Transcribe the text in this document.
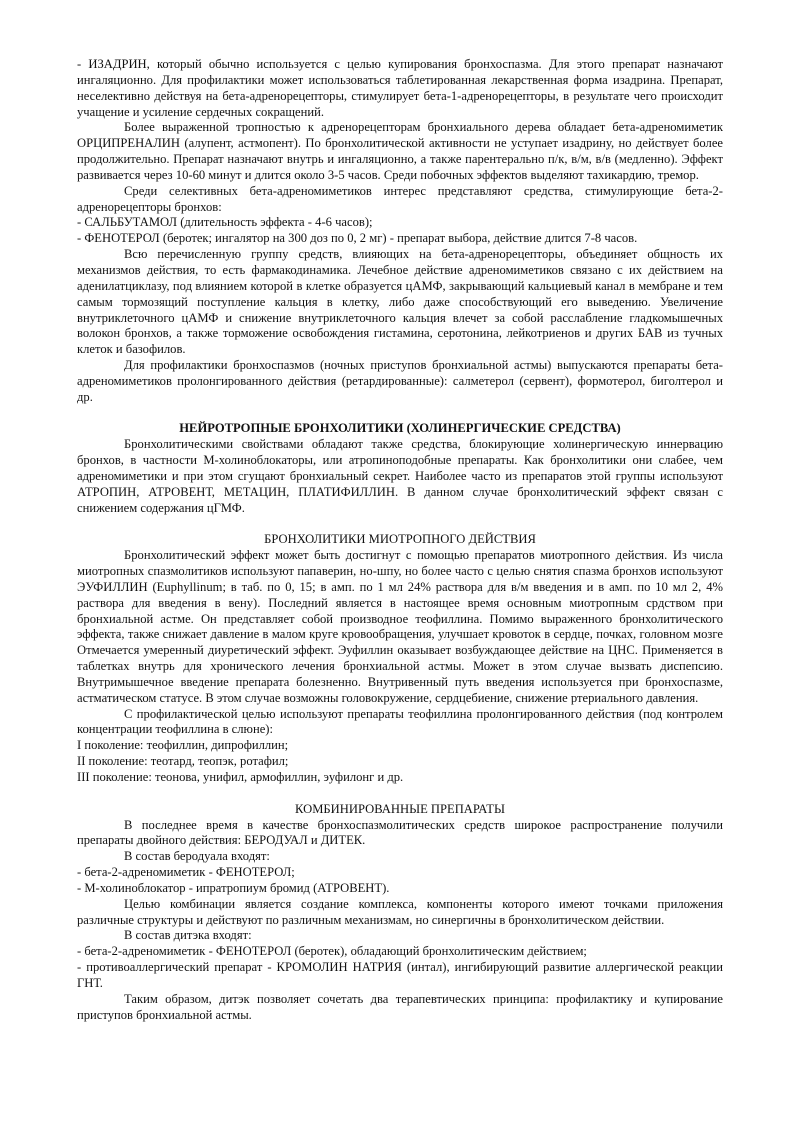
- ИЗАДРИН, который обычно используется с целью купирования бронхоспазма. Для этого препарат назначают ингаляционно. Для профилактики может использоваться таблетированная лекарственная форма изадрина. Препарат, неселективно действуя на бета-адренорецепторы, стимулирует бета-1-адренорецепторы, в результате чего происходит учащение и усиление сердечных сокращений.

Более выраженной тропностью к адренорецепторам бронхиального дерева обладает бета-адреномиметик ОРЦИПРЕНАЛИН (алупент, астмопент). По бронхолитической активности не уступает изадрину, но действует более продолжительно. Препарат назначают внутрь и ингаляционно, а также парентерально п/к, в/м, в/в (медленно). Эффект развивается через 10-60 минут и длится около 3-5 часов. Среди побочных эффектов выделяют тахикардию, тремор.

Среди селективных бета-адреномиметиков интерес представляют средства, стимулирующие бета-2-адренорецепторы бронхов:

- САЛЬБУТАМОЛ (длительность эффекта - 4-6 часов);

- ФЕНОТЕРОЛ (беротек; ингалятор на 300 доз по 0, 2 мг) - препарат выбора, действие длится 7-8 часов.

Всю перечисленную группу средств, влияющих на бета-адренорецепторы, объединяет общность их механизмов действия, то есть фармакодинамика. Лечебное действие адреномиметиков связано с их действием на аденилатциклазу, под влиянием которой в клетке образуется цАМФ, закрывающий кальциевый канал в мембране и тем самым тормозящий поступление кальция в клетку, либо даже способствующий его выведению. Увеличение внутриклеточного цАМФ и снижение внутриклеточного кальция влечет за собой расслабление гладкомышечных волокон бронхов, а также торможение освобождения гистамина, серотонина, лейкотриенов и других БАВ из тучных клеток и базофилов.

Для профилактики бронхоспазмов (ночных приступов бронхиальной астмы) выпускаются препараты бета-адреномиметиков пролонгированного действия (ретардированные): салметерол (сервент), формотерол, биголтерол и др.

НЕЙРОТРОПНЫЕ БРОНХОЛИТИКИ (ХОЛИНЕРГИЧЕСКИЕ СРЕДСТВА)

Бронхолитическими свойствами обладают также средства, блокирующие холинергическую иннервацию бронхов, в частности М-холиноблокаторы, или атропиноподобные препараты. Как бронхолитики они слабее, чем адреномиметики и при этом сгущают бронхиальный секрет. Наиболее часто из препаратов этой группы используют АТРОПИН, АТРОВЕНТ, МЕТАЦИН, ПЛАТИФИЛЛИН. В данном случае бронхолитический эффект связан с снижением содержания цГМФ.

БРОНХОЛИТИКИ МИОТРОПНОГО ДЕЙСТВИЯ

Бронхолитический эффект может быть достигнут с помощью препаратов миотропного действия. Из числа миотропных спазмолитиков используют папаверин, но-шпу, но более часто с целью снятия спазма бронхов используют ЭУФИЛЛИН (Euphyllinum; в таб. по 0, 15; в амп. по 1 мл 24% раствора для в/м введения и в амп. по 10 мл 2, 4% раствора для введения в вену). Последний является в настоящее время основным миотропным срдством при бронхиальной астме. Он представляет собой производное теофиллина. Помимо выраженного бронхолитического эффекта, также снижает давление в малом круге кровообращения, улучшает кровоток в сердце, почках, головном мозге Отмечается умеренный диуретический эффект. Эуфиллин оказывает возбуждающее действие на ЦНС. Применяется в таблетках внутрь для хронического лечения бронхиальной астмы. Может в этом случае вызвать диспепсию. Внутримышечное введение препарата болезненно. Внутривенный путь введения используется при бронхоспазме, астматическом статусе. В этом случае возможны головокружение, сердцебиение, снижение ртериального давления.

С профилактической целью используют препараты теофиллина пролонгированного действия (под контролем концентрации теофиллина в слюне):

I поколение: теофиллин, дипрофиллин;

II поколение: теотард, теопэк, ротафил;

III поколение: теонова, унифил, армофиллин, эуфилонг и др.

КОМБИНИРОВАННЫЕ ПРЕПАРАТЫ

В последнее время в качестве бронхоспазмолитических средств широкое распространение получили препараты двойного действия: БЕРОДУАЛ и ДИТЕК.

В состав беродуала входят:

- бета-2-адреномиметик - ФЕНОТЕРОЛ;

- М-холиноблокатор - ипратропиум бромид (АТРОВЕНТ).

Целью комбинации является создание комплекса, компоненты которого имеют точками приложения различные структуры и действуют по различным механизмам, но синергичны в бронхолитическом действии.

В состав дитэка входят:

- бета-2-адреномиметик - ФЕНОТЕРОЛ (беротек), обладающий бронхолитическим действием;

- противоаллергический препарат - КРОМОЛИН НАТРИЯ (интал), ингибирующий развитие аллергической реакции ГНТ.

Таким образом, дитэк позволяет сочетать два терапевтических принципа: профилактику и купирование приступов бронхиальной астмы.
